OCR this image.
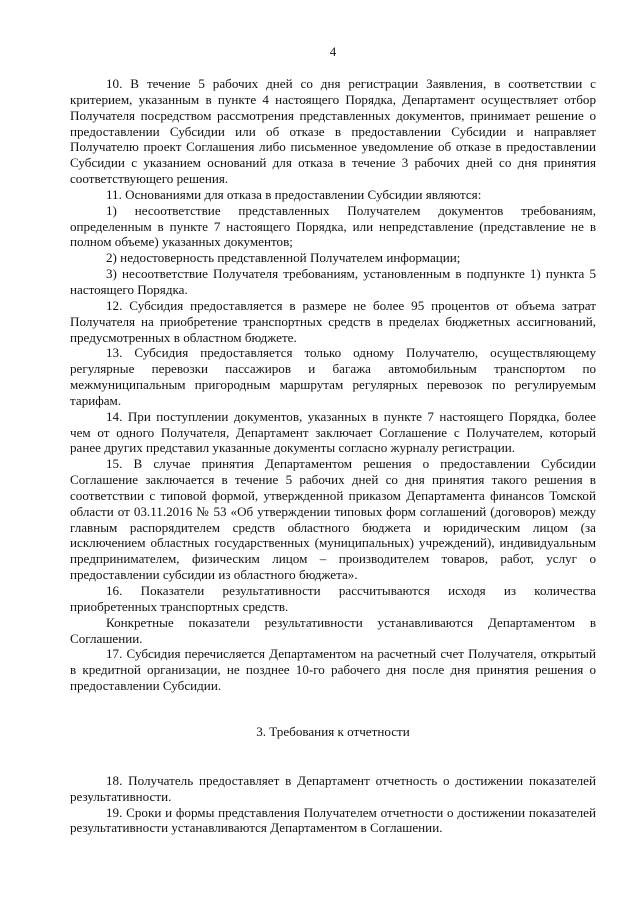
4

10. В течение 5 рабочих дней со дня регистрации Заявления, в соответствии с критерием, указанным в пункте 4 настоящего Порядка, Департамент осуществляет отбор Получателя посредством рассмотрения представленных документов, принимает решение о предоставлении Субсидии или об отказе в предоставлении Субсидии и направляет Получателю проект Соглашения либо письменное уведомление об отказе в предоставлении Субсидии с указанием оснований для отказа в течение 3 рабочих дней со дня принятия соответствующего решения.

11. Основаниями для отказа в предоставлении Субсидии являются:

1) несоответствие представленных Получателем документов требованиям, определенным в пункте 7 настоящего Порядка, или непредставление (представление не в полном объеме) указанных документов;

2) недостоверность представленной Получателем информации;

3) несоответствие Получателя требованиям, установленным в подпункте 1) пункта 5 настоящего Порядка.

12. Субсидия предоставляется в размере не более 95 процентов от объема затрат Получателя на приобретение транспортных средств в пределах бюджетных ассигнований, предусмотренных в областном бюджете.

13. Субсидия предоставляется только одному Получателю, осуществляющему регулярные перевозки пассажиров и багажа автомобильным транспортом по межмуниципальным пригородным маршрутам регулярных перевозок по регулируемым тарифам.

14. При поступлении документов, указанных в пункте 7 настоящего Порядка, более чем от одного Получателя, Департамент заключает Соглашение с Получателем, который ранее других представил указанные документы согласно журналу регистрации.

15. В случае принятия Департаментом решения о предоставлении Субсидии Соглашение заключается в течение 5 рабочих дней со дня принятия такого решения в соответствии с типовой формой, утвержденной приказом Департамента финансов Томской области от 03.11.2016 № 53 «Об утверждении типовых форм соглашений (договоров) между главным распорядителем средств областного бюджета и юридическим лицом (за исключением областных государственных (муниципальных) учреждений), индивидуальным предпринимателем, физическим лицом – производителем товаров, работ, услуг о предоставлении субсидии из областного бюджета».

16. Показатели результативности рассчитываются исходя из количества приобретенных транспортных средств.

Конкретные показатели результативности устанавливаются Департаментом в Соглашении.

17. Субсидия перечисляется Департаментом на расчетный счет Получателя, открытый в кредитной организации, не позднее 10-го рабочего дня после дня принятия решения о предоставлении Субсидии.

3. Требования к отчетности

18. Получатель предоставляет в Департамент отчетность о достижении показателей результативности.

19. Сроки и формы представления Получателем отчетности о достижении показателей результативности устанавливаются Департаментом в Соглашении.
